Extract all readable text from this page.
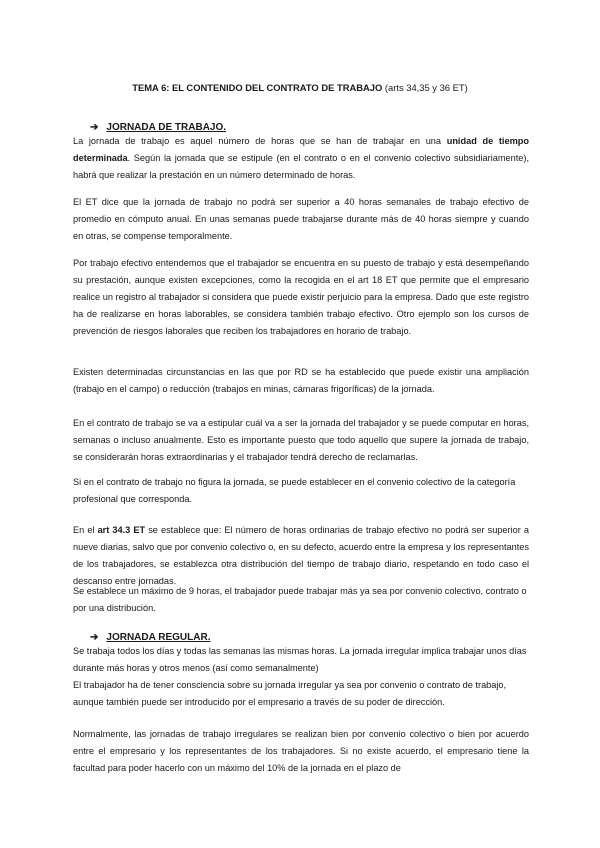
TEMA 6: EL CONTENIDO DEL CONTRATO DE TRABAJO (arts 34,35 y 36 ET)
➔ JORNADA DE TRABAJO.
La jornada de trabajo es aquel número de horas que se han de trabajar en una unidad de tiempo determinada. Según la jornada que se estipule (en el contrato o en el convenio colectivo subsidiariamente), habrá que realizar la prestación en un número determinado de horas.
El ET dice que la jornada de trabajo no podrá ser superior a 40 horas semanales de trabajo efectivo de promedio en cómputo anual. En unas semanas puede trabajarse durante más de 40 horas siempre y cuando en otras, se compense temporalmente.
Por trabajo efectivo entendemos que el trabajador se encuentra en su puesto de trabajo y está desempeñando su prestación, aunque existen excepciones, como la recogida en el art 18 ET que permite que el empresario realice un registro al trabajador si considera que puede existir perjuicio para la empresa. Dado que este registro ha de realizarse en horas laborables, se considera también trabajo efectivo. Otro ejemplo son los cursos de prevención de riesgos laborales que reciben los trabajadores en horario de trabajo.
Existen determinadas circunstancias en las que por RD se ha establecido que puede existir una ampliación (trabajo en el campo) o reducción (trabajos en minas, cámaras frigoríficas) de la jornada.
En el contrato de trabajo se va a estipular cuál va a ser la jornada del trabajador y se puede computar en horas, semanas o incluso anualmente. Esto es importante puesto que todo aquello que supere la jornada de trabajo, se considerarán horas extraordinarias y el trabajador tendrá derecho de reclamarlas.
Si en el contrato de trabajo no figura la jornada, se puede establecer en el convenio colectivo de la categoría profesional que corresponda.
En el art 34.3 ET se establece que: El número de horas ordinarias de trabajo efectivo no podrá ser superior a nueve diarias, salvo que por convenio colectivo o, en su defecto, acuerdo entre la empresa y los representantes de los trabajadores, se establezca otra distribución del tiempo de trabajo diario, respetando en todo caso el descanso entre jornadas.
Se establece un máximo de 9 horas, el trabajador puede trabajar más ya sea por convenio colectivo, contrato o por una distribución.
➔ JORNADA REGULAR.
Se trabaja todos los días y todas las semanas las mismas horas. La jornada irregular implica trabajar unos días durante más horas y otros menos (así como semanalmente)
El trabajador ha de tener consciencia sobre su jornada irregular ya sea por convenio o contrato de trabajo, aunque también puede ser introducido por el empresario a través de su poder de dirección.
Normalmente, las jornadas de trabajo irregulares se realizan bien por convenio colectivo o bien por acuerdo entre el empresario y los representantes de los trabajadores. Si no existe acuerdo, el empresario tiene la facultad para poder hacerlo con un máximo del 10% de la jornada en el plazo de
